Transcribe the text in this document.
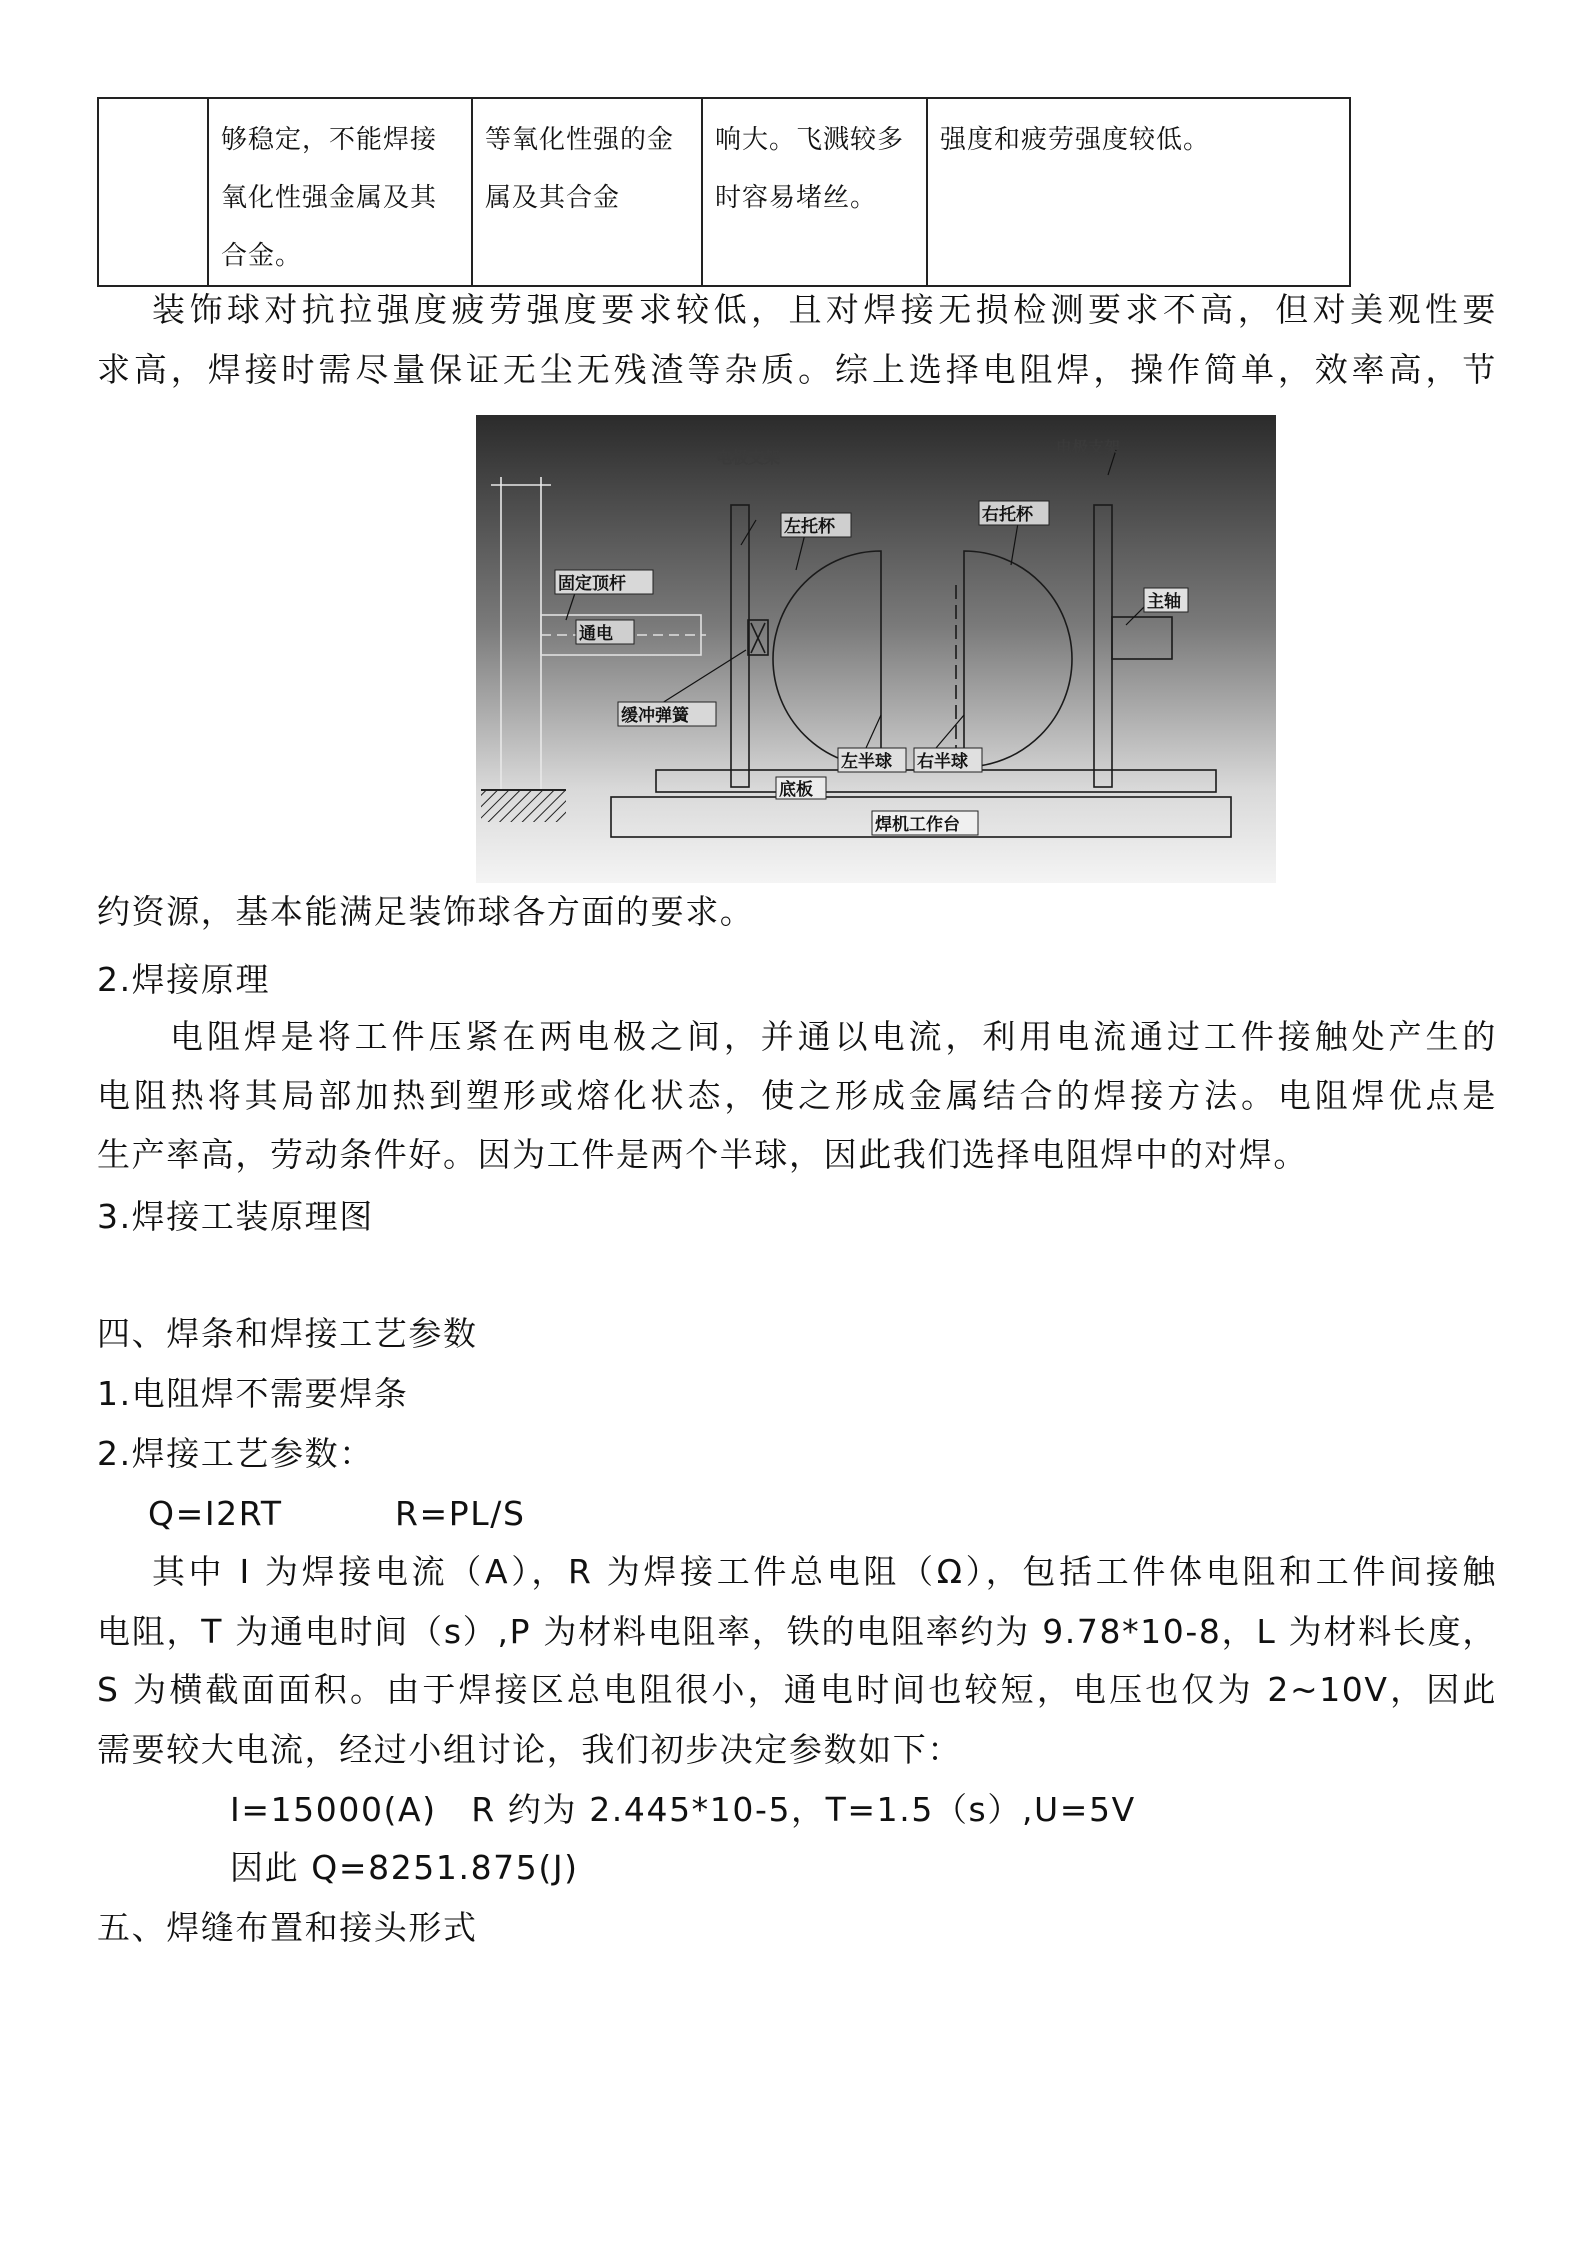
	够稳定，不能焊接氧化性强金属及其合金。	等氧化性强的金属及其合金	响大。飞溅较多时容易堵丝。	强度和疲劳强度较低。
装饰球对抗拉强度疲劳强度要求较低，且对焊接无损检测要求不高，但对美观性要
求高，焊接时需尽量保证无尘无残渣等杂质。综上选择电阻焊，操作简单，效率高，节
固定顶杆
通电
缓冲弹簧
左托杯
右托杯
左半球 右半球
主轴
底板
焊机工作台
电极支架
电极支架
约资源，基本能满足装饰球各方面的要求。
2.焊接原理
电阻焊是将工件压紧在两电极之间，并通以电流，利用电流通过工件接触处产生的
电阻热将其局部加热到塑形或熔化状态，使之形成金属结合的焊接方法。电阻焊优点是
生产率高，劳动条件好。因为工件是两个半球，因此我们选择电阻焊中的对焊。
3.焊接工装原理图
四、焊条和焊接工艺参数
1.电阻焊不需要焊条
2.焊接工艺参数：
Q=I2RT	R=PL/S
其中 I 为焊接电流（A），R 为焊接工件总电阻（Ω），包括工件体电阻和工件间接触
电阻，T 为通电时间（s）,P 为材料电阻率，铁的电阻率约为 9.78*10-8，L 为材料长度，
S 为横截面面积。由于焊接区总电阻很小，通电时间也较短，电压也仅为 2~10V，因此
需要较大电流，经过小组讨论，我们初步决定参数如下：
I=15000(A)　R 约为 2.445*10-5，T=1.5（s）,U=5V
因此 Q=8251.875(J)
五、焊缝布置和接头形式
